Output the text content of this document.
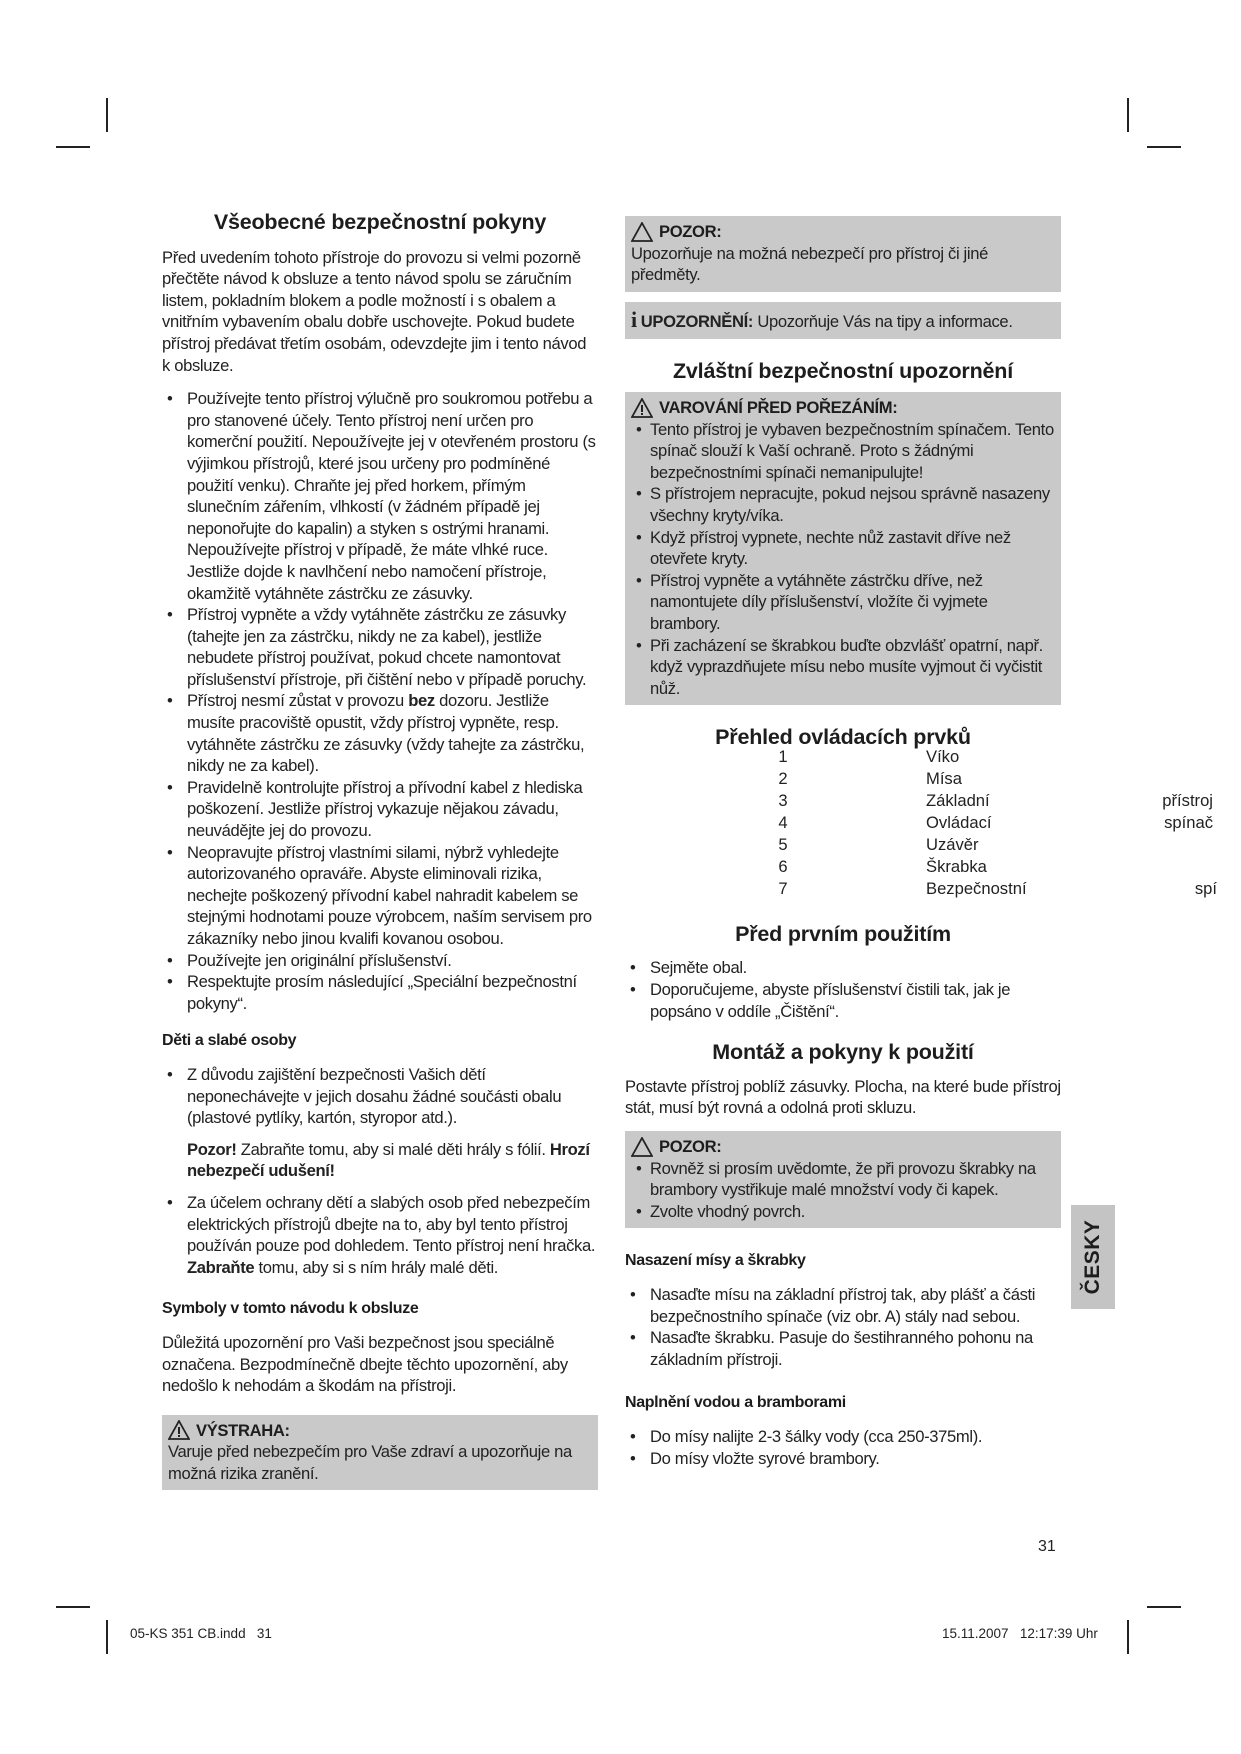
Všeobecné bezpečnostní pokyny

Před uvedením tohoto přístroje do provozu si velmi pozorně přečtěte návod k obsluze a tento návod spolu se záručním listem, pokladním blokem a podle možností i s obalem a vnitřním vybavením obalu dobře uschovejte. Pokud budete přístroj předávat třetím osobám, odevzdejte jim i tento návod k obsluze.

• Používejte tento přístroj výlučně pro soukromou potřebu a pro stanovené účely. Tento přístroj není určen pro komerční použití. Nepoužívejte jej v otevřeném prostoru (s výjimkou přístrojů, které jsou určeny pro podmíněné použití venku). Chraňte jej před horkem, přímým slunečním zářením, vlhkostí (v žádném případě jej neponořujte do kapalin) a styken s ostrými hranami. Nepoužívejte přístroj v případě, že máte vlhké ruce. Jestliže dojde k navlhčení nebo namočení přístroje, okamžitě vytáhněte zástrčku ze zásuvky.
• Přístroj vypněte a vždy vytáhněte zástrčku ze zásuvky (tahejte jen za zástrčku, nikdy ne za kabel), jestliže nebudete přístroj používat, pokud chcete namontovat příslušenství přístroje, při čištění nebo v případě poruchy.
• Přístroj nesmí zůstat v provozu bez dozoru. Jestliže musíte pracoviště opustit, vždy přístroj vypněte, resp. vytáhněte zástrčku ze zásuvky (vždy tahejte za zástrčku, nikdy ne za kabel).
• Pravidelně kontrolujte přístroj a přívodní kabel z hlediska poškození. Jestliže přístroj vykazuje nějakou závadu, neuvádějte jej do provozu.
• Neopravujte přístroj vlastními silami, nýbrž vyhledejte autorizovaného opraváře. Abyste eliminovali rizika, nechejte poškozený přívodní kabel nahradit kabelem se stejnými hodnotami pouze výrobcem, naším servisem pro zákazníky nebo jinou kvalifi kovanou osobou.
• Používejte jen originální příslušenství.
• Respektujte prosím následující „Speciální bezpečnostní pokyny“.
Děti a slabé osoby
• Z důvodu zajištění bezpečnosti Vašich dětí neponechávejte v jejich dosahu žádné součásti obalu (plastové pytlíky, kartón, styropor atd.).

Pozor! Zabraňte tomu, aby si malé děti hrály s fólií. Hrozí nebezpečí udušení!

• Za účelem ochrany dětí a slabých osob před nebezpečím elektrických přístrojů dbejte na to, aby byl tento přístroj používán pouze pod dohledem. Tento přístroj není hračka. Zabraňte tomu, aby si s ním hrály malé děti.
Symboly v tomto návodu k obsluze

Důležitá upozornění pro Vaši bezpečnost jsou speciálně označena. Bezpodmínečně dbejte těchto upozornění, aby nedošlo k nehodám a škodám na přístroji.

VÝSTRAHA:

Varuje před nebezpečím pro Vaše zdraví a upozorňuje na možná rizika zranění.

POZOR:

Upozorňuje na možná nebezpečí pro přístroj či jiné předměty.

i UPOZORNĚNÍ: Upozorňuje Vás na tipy a informace.
Zvláštní bezpečnostní upozornění
VAROVÁNÍ PŘED POŘEZÁNÍM:
• Tento přístroj je vybaven bezpečnostním spínačem. Tento spínač slouží k Vaší ochraně. Proto s žádnými bezpečnostními spínači nemanipulujte!
• S přístrojem nepracujte, pokud nejsou správně nasazeny všechny kryty/víka.
• Když přístroj vypnete, nechte nůž zastavit dříve než otevřete kryty.
• Přístroj vypněte a vytáhněte zástrčku dříve, než namontujete díly příslušenství, vložíte či vyjmete brambory.
• Při zacházení se škrabkou buďte obzvlášť opatrní, např. když vyprazdňujete mísu nebo musíte vyjmout či vyčistit nůž.
Přehled ovládacích prvků
Před prvním použitím
• Sejměte obal.
• Doporučujeme, abyste příslušenství čistili tak, jak je popsáno v oddíle „Čištění“.
Montáž a pokyny k použití

Postavte přístroj poblíž zásuvky. Plocha, na které bude přístroj stát, musí být rovná a odolná proti skluzu.

POZOR:
• Rovněž si prosím uvědomte, že při provozu škrabky na brambory vystřikuje malé množství vody či kapek.
• Zvolte vhodný povrch.
Nasazení mísy a škrabky
• Nasaďte mísu na základní přístroj tak, aby plášť a části bezpečnostního spínače (viz obr. A) stály nad sebou.
• Nasaďte škrabku. Pasuje do šestihranného pohonu na základním přístroji.
Naplnění vodou a bramborami
• Do mísy nalijte 2-3 šálky vody (cca 250-375ml).
• Do mísy vložte syrové brambory.
1	Víko
2	Mísa
3	Základní	přístroj
4	Ovládací	spínač
5	Uzávěr
6	Škrabka
7	Bezpečnostní	spí
ČESKY
31
05-KS 351 CB.indd   31	15.11.2007   12:17:39 Uhr
